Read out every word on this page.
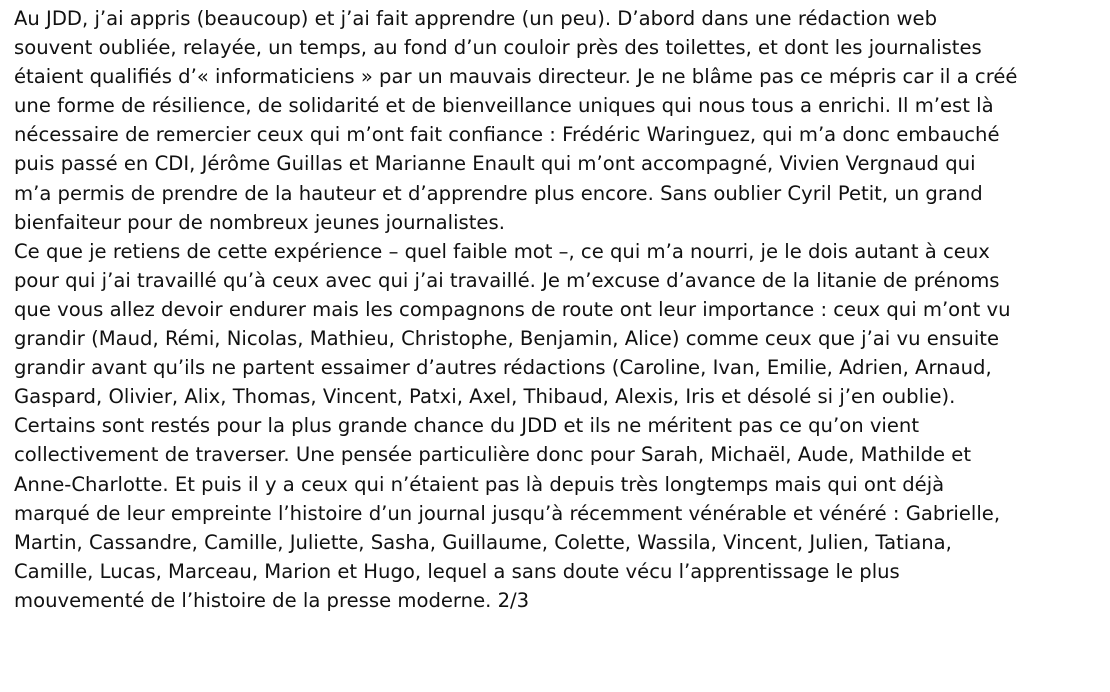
Au JDD, j’ai appris (beaucoup) et j’ai fait apprendre (un peu). D’abord dans une rédaction web
souvent oubliée, relayée, un temps, au fond d’un couloir près des toilettes, et dont les journalistes
étaient qualifiés d’« informaticiens » par un mauvais directeur. Je ne blâme pas ce mépris car il a créé
une forme de résilience, de solidarité et de bienveillance uniques qui nous tous a enrichi. Il m’est là
nécessaire de remercier ceux qui m’ont fait confiance : Frédéric Waringuez, qui m’a donc embauché
puis passé en CDI, Jérôme Guillas et Marianne Enault qui m’ont accompagné, Vivien Vergnaud qui
m’a permis de prendre de la hauteur et d’apprendre plus encore. Sans oublier Cyril Petit, un grand
bienfaiteur pour de nombreux jeunes journalistes.
Ce que je retiens de cette expérience – quel faible mot –, ce qui m’a nourri, je le dois autant à ceux
pour qui j’ai travaillé qu’à ceux avec qui j’ai travaillé. Je m’excuse d’avance de la litanie de prénoms
que vous allez devoir endurer mais les compagnons de route ont leur importance : ceux qui m’ont vu
grandir (Maud, Rémi, Nicolas, Mathieu, Christophe, Benjamin, Alice) comme ceux que j’ai vu ensuite
grandir avant qu’ils ne partent essaimer d’autres rédactions (Caroline, Ivan, Emilie, Adrien, Arnaud,
Gaspard, Olivier, Alix, Thomas, Vincent, Patxi, Axel, Thibaud, Alexis, Iris et désolé si j’en oublie).
Certains sont restés pour la plus grande chance du JDD et ils ne méritent pas ce qu’on vient
collectivement de traverser. Une pensée particulière donc pour Sarah, Michaël, Aude, Mathilde et
Anne-Charlotte. Et puis il y a ceux qui n’étaient pas là depuis très longtemps mais qui ont déjà
marqué de leur empreinte l’histoire d’un journal jusqu’à récemment vénérable et vénéré : Gabrielle,
Martin, Cassandre, Camille, Juliette, Sasha, Guillaume, Colette, Wassila, Vincent, Julien, Tatiana,
Camille, Lucas, Marceau, Marion et Hugo, lequel a sans doute vécu l’apprentissage le plus
mouvementé de l’histoire de la presse moderne. 2/3
